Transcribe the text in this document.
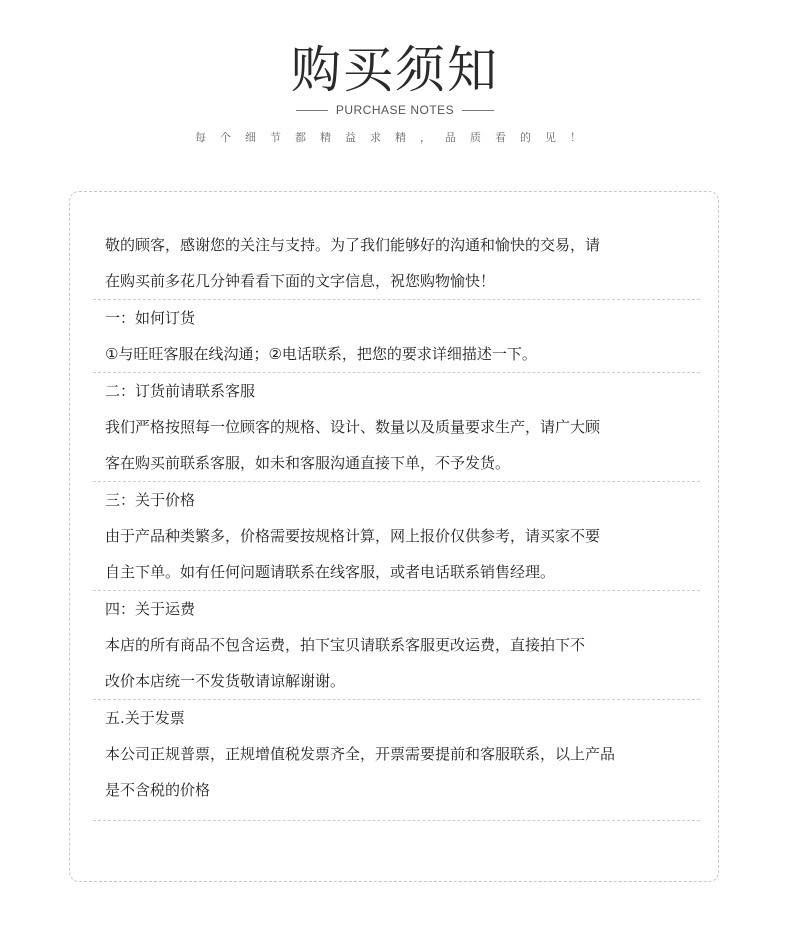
购买须知
PURCHASE NOTES
每个细节都精益求精，品质看的见！
敬的顾客，感谢您的关注与支持。为了我们能够好的沟通和愉快的交易，请
在购买前多花几分钟看看下面的文字信息，祝您购物愉快！
一：如何订货
①与旺旺客服在线沟通；②电话联系，把您的要求详细描述一下。
二：订货前请联系客服
我们严格按照每一位顾客的规格、设计、数量以及质量要求生产，请广大顾
客在购买前联系客服，如未和客服沟通直接下单，不予发货。
三：关于价格
由于产品种类繁多，价格需要按规格计算，网上报价仅供参考，请买家不要
自主下单。如有任何问题请联系在线客服，或者电话联系销售经理。
四：关于运费
本店的所有商品不包含运费，拍下宝贝请联系客服更改运费，直接拍下不
改价本店统一不发货敬请谅解谢谢。
五.关于发票
本公司正规普票，正规增值税发票齐全，开票需要提前和客服联系，以上产品
是不含税的价格
